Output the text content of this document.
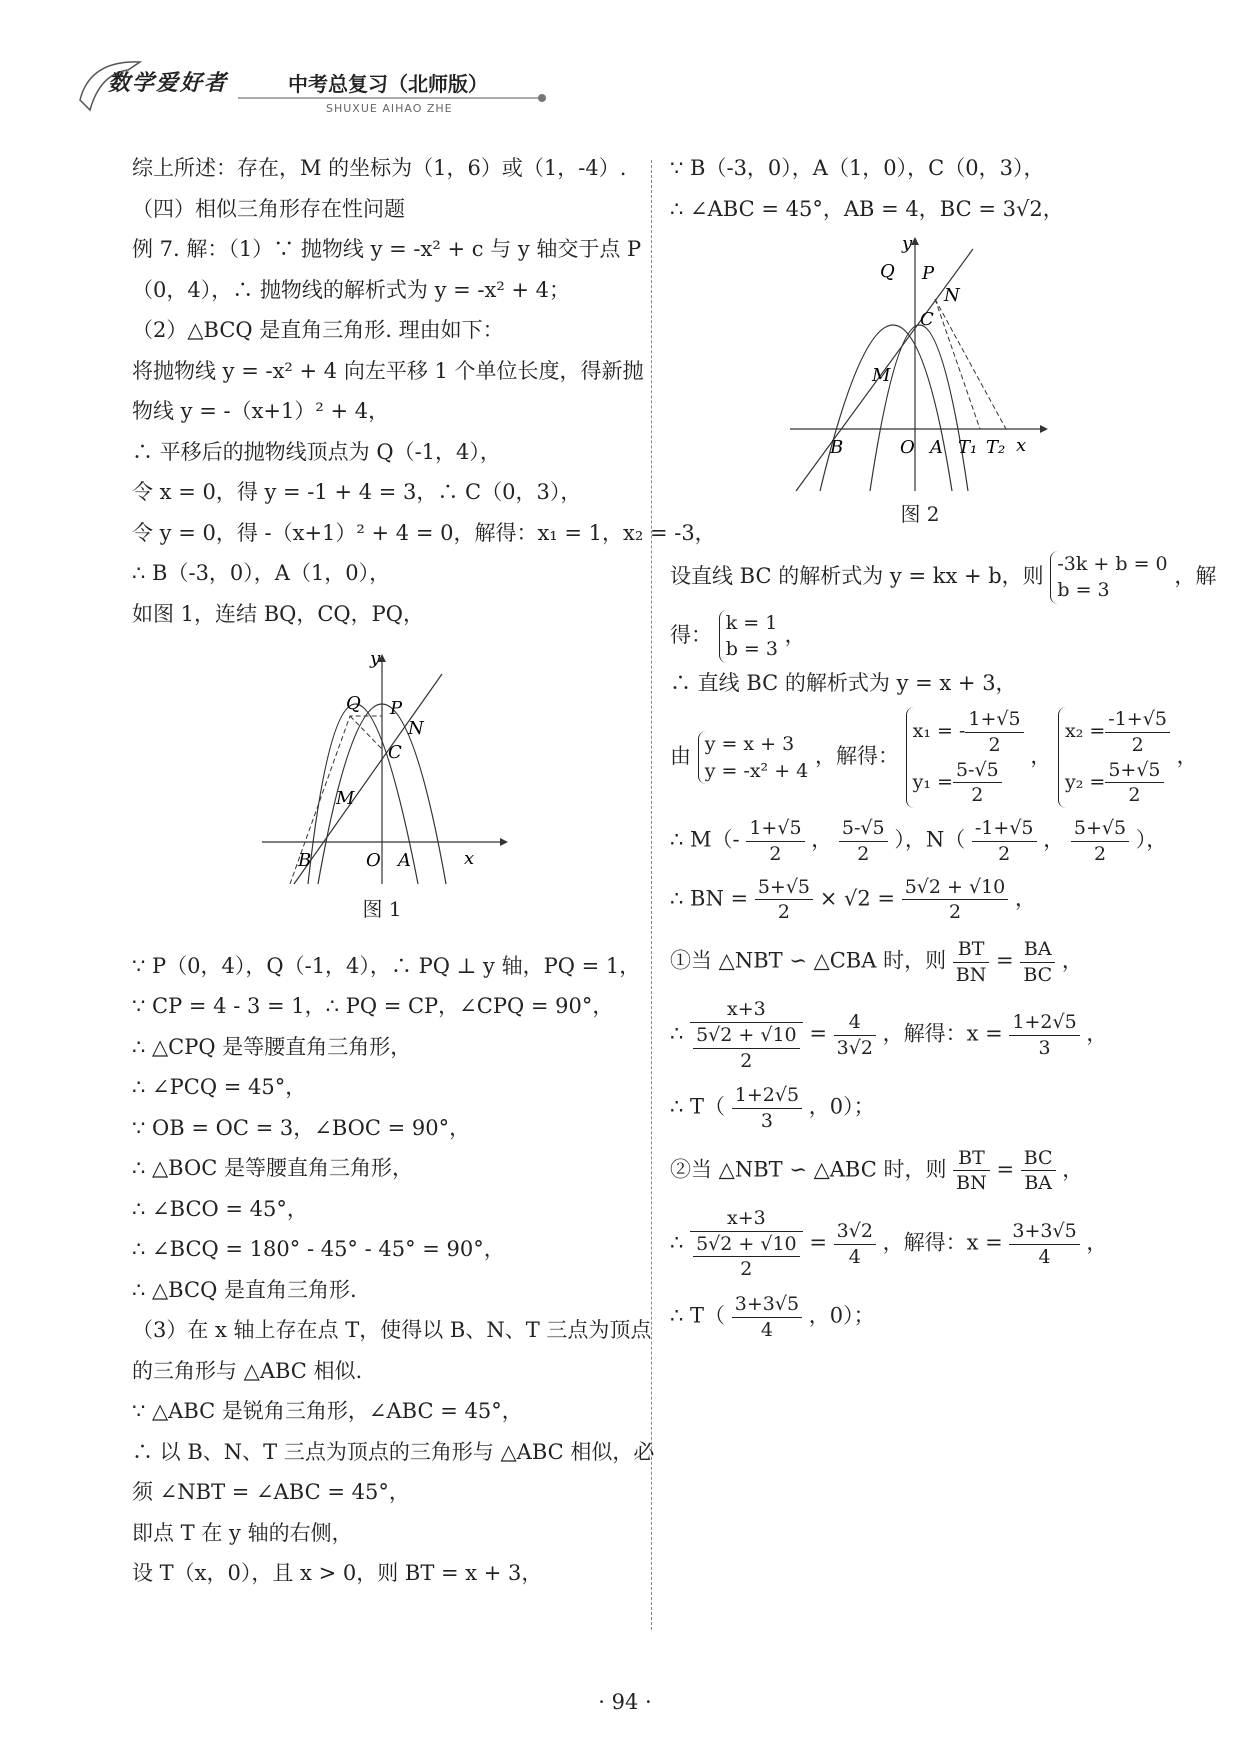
数学爱好者	中考总复习（北师版）
SHUXUE AIHAO ZHE
综上所述：存在，M 的坐标为（1，6）或（1，-4）.
（四）相似三角形存在性问题
例 7. 解：（1）∵ 抛物线 y = -x² + c 与 y 轴交于点 P
（0，4），∴ 抛物线的解析式为 y = -x² + 4；
（2）△BCQ 是直角三角形. 理由如下：
将抛物线 y = -x² + 4 向左平移 1 个单位长度，得新抛
物线 y = -（x+1）² + 4，
∴ 平移后的抛物线顶点为 Q（-1，4），
令 x = 0，得 y = -1 + 4 = 3，∴ C（0，3），
令 y = 0，得 -（x+1）² + 4 = 0，解得：x₁ = 1，x₂ = -3，
∴ B（-3，0），A（1，0），
如图 1，连结 BQ，CQ，PQ，
y
Q P
N
C
M
B	O A	x
图 1
∵ P（0，4），Q（-1，4），∴ PQ ⊥ y 轴，PQ = 1，
∵ CP = 4 - 3 = 1，∴ PQ = CP，∠CPQ = 90°，
∴ △CPQ 是等腰直角三角形，
∴ ∠PCQ = 45°，
∵ OB = OC = 3，∠BOC = 90°，
∴ △BOC 是等腰直角三角形，
∴ ∠BCO = 45°，
∴ ∠BCQ = 180° - 45° - 45° = 90°，
∴ △BCQ 是直角三角形.
（3）在 x 轴上存在点 T，使得以 B、N、T 三点为顶点
的三角形与 △ABC 相似.
∵ △ABC 是锐角三角形，∠ABC = 45°，
∴ 以 B、N、T 三点为顶点的三角形与 △ABC 相似，必
须 ∠NBT = ∠ABC = 45°，
即点 T 在 y 轴的右侧，
设 T（x，0），且 x > 0，则 BT = x + 3，
∵ B（-3，0），A（1，0），C（0，3），
∴ ∠ABC = 45°，AB = 4，BC = 3√2，
y
Q P
N
C
M
B	O A T₁ T₂ x
图 2
设直线 BC 的解析式为 y = kx + b，则
-3k + b = 0
b = 3
，解
得：
k = 1
b = 3
，
∴ 直线 BC 的解析式为 y = x + 3，
由
y = x + 3
y = -x² + 4
，解得：
x₁ = - $\frac{1+√5}{2}$
$y_1 = \frac{5-√5}{2}$
，
$x_2 = \frac{-1+√5}{2}$
$y_2 = \frac{5+√5}{2}$
，
∴ $M(- \frac{1+√5}{2}$ ， $\frac{5-√5}{2}$ ），$N( \frac{-1+√5}{2}$ ， $\frac{5+√5}{2}$ ），
∴ BN = $\frac{5+√5}{2} \times √2 = \frac{5√2 + √10}{2}$ ，
①当 △NBT ∽ △CBA 时，则 $\frac{BT}{BN} = \frac{BA}{BC}$ ，
∴ $\frac{x+3}{\frac{5√2 + √10}{2}} = \frac{4}{3√2}$ ，解得：$x = \frac{1+2√5}{3}$ ，
∴ $T( \frac{1+2√5}{3}$ ，0）；
②当 △NBT ∽ △ABC 时，则 $\frac{BT}{BN} = \frac{BC}{BA}$ ，
∴ $\frac{x+3}{\frac{5√2 + √10}{2}} = \frac{3√2}{4}$ ，解得：$x = \frac{3+3√5}{4}$ ，
∴ $T( \frac{3+3√5}{4}$ ，0）；
· 94 ·
